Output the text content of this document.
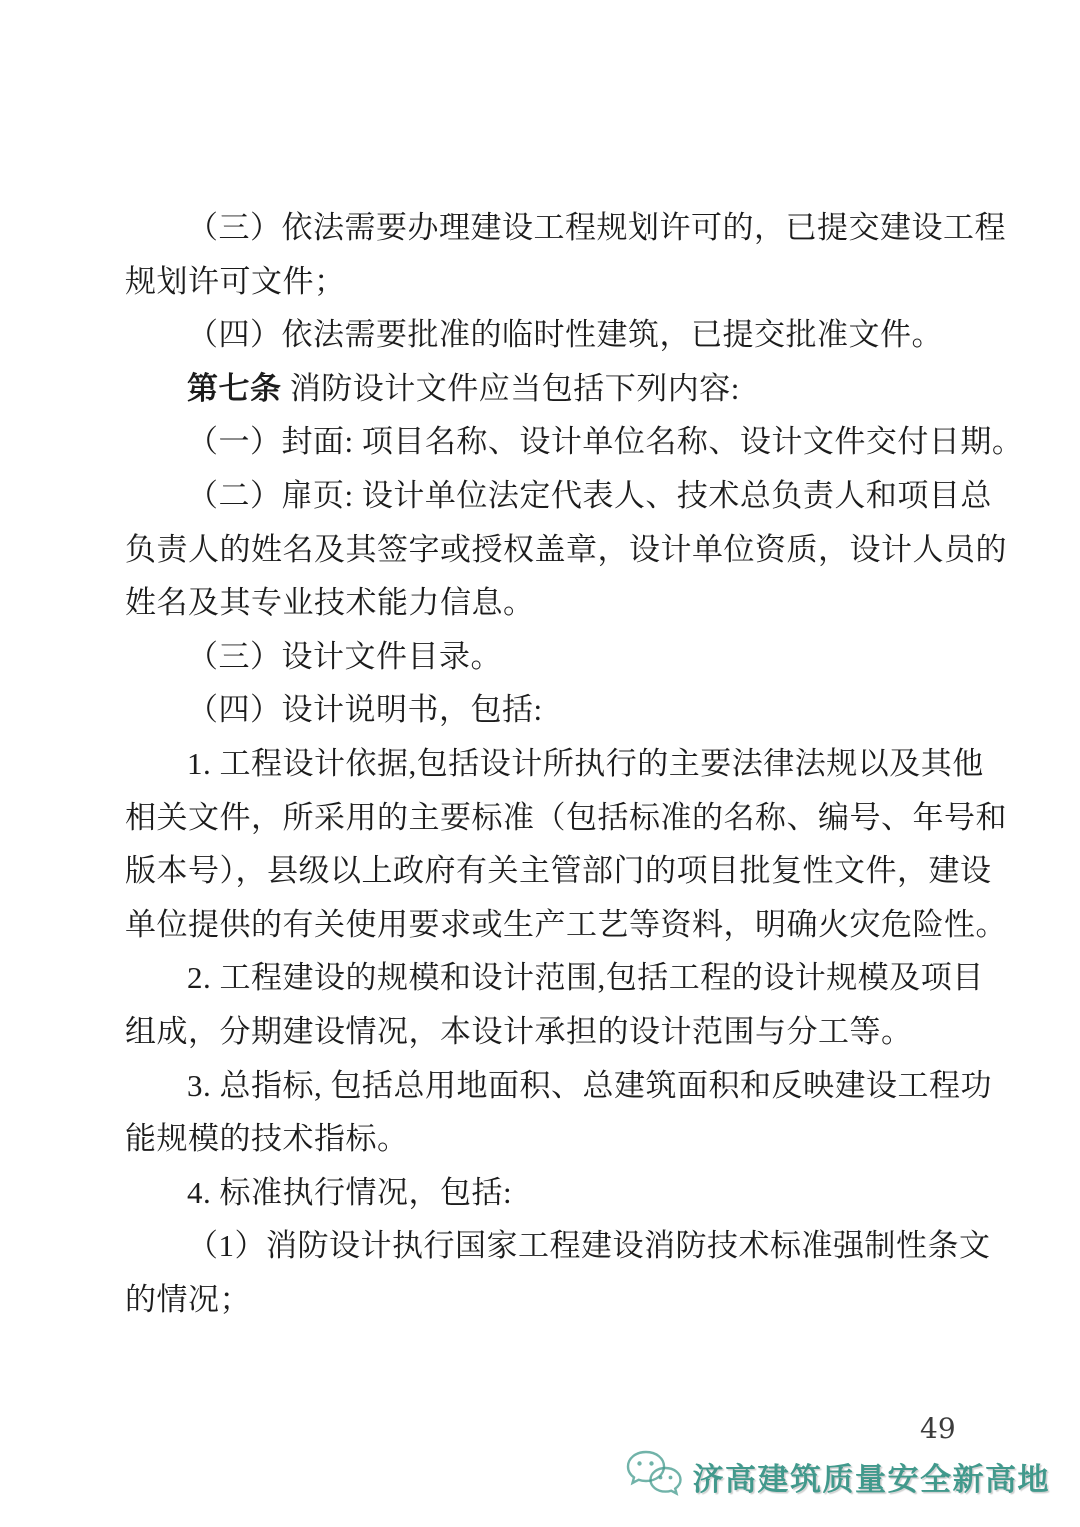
（三）依法需要办理建设工程规划许可的，已提交建设工程
规划许可文件；
（四）依法需要批准的临时性建筑，已提交批准文件。
第七条 消防设计文件应当包括下列内容:
（一）封面: 项目名称、设计单位名称、设计文件交付日期。
（二）扉页: 设计单位法定代表人、技术总负责人和项目总
负责人的姓名及其签字或授权盖章，设计单位资质，设计人员的
姓名及其专业技术能力信息。
（三）设计文件目录。
（四）设计说明书，包括:
1. 工程设计依据,包括设计所执行的主要法律法规以及其他
相关文件，所采用的主要标准（包括标准的名称、编号、年号和
版本号），县级以上政府有关主管部门的项目批复性文件，建设
单位提供的有关使用要求或生产工艺等资料，明确火灾危险性。
2. 工程建设的规模和设计范围,包括工程的设计规模及项目
组成，分期建设情况，本设计承担的设计范围与分工等。
3. 总指标, 包括总用地面积、总建筑面积和反映建设工程功
能规模的技术指标。
4. 标准执行情况，包括:
（1）消防设计执行国家工程建设消防技术标准强制性条文
的情况；
49
济高建筑质量安全新高地
